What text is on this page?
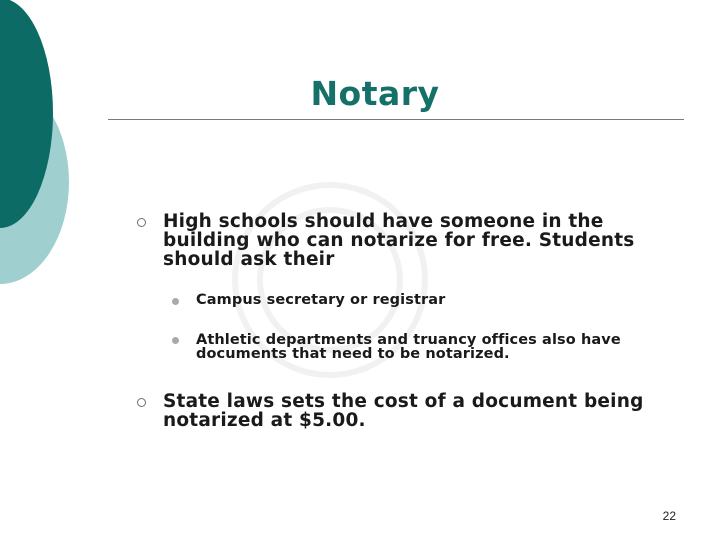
Notary
High schools should have someone in the building who can notarize for free. Students should ask their
Campus secretary or registrar
Athletic departments and truancy offices also have documents that need to be notarized.
State laws sets the cost of a document being notarized at $5.00.
22
